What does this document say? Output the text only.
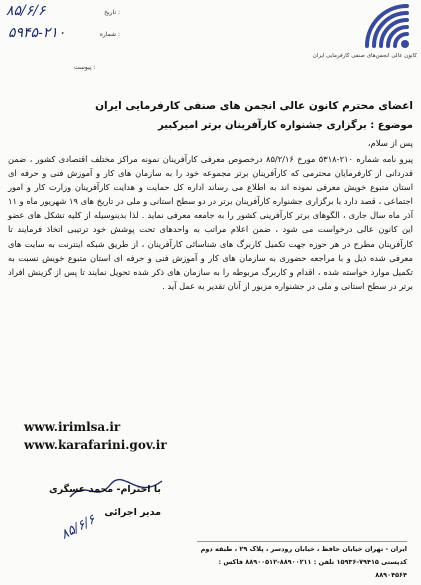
۸۵/۶/۶	تاریخ :
۵۹۴۵-۲۱۰	شماره :
پیوست :
کانون عالی انجمن‌های صنفی کارفرمایی ایران
اعضای محترم کانون عالی انجمن های صنفی کارفرمایی ایران
موضوع : برگزاری جشنواره کارآفرینان برتر امیرکبیر
پس از سلام،
پیرو نامه شماره ۲۱۰-۵۳۱۸ مورخ ۸۵/۲/۱۶ درخصوص معرفی کارآفرینان نمونه مراکز مختلف اقتصادی کشور ، ضمن قدردانی از کارفرمایان محترمی که کارآفرینان برتر مجموعه خود را به سازمان های کار و آموزش فنی و حرفه ای استان متبوع خویش معرفی نموده اند به اطلاع می رساند اداره کل حمایت و هدایت کارآفرینان وزارت کار و امور اجتماعی ، قصد دارد با برگزاری جشنواره کارآفرینان برتر در دو سطح استانی و ملی در تاریخ های ۱۹ شهریور ماه و ۱۱ آذر ماه سال جاری ، الگوهای برتر کارآفرینی کشور را به جامعه معرفی نماید . لذا بدینوسیله از کلیه تشکل های عضو این کانون عالی درخواست می شود ، ضمن اعلام مراتب به واحدهای تحت پوشش خود ترتیبی اتخاذ فرمایند تا کارآفرینان مطرح در هر حوزه جهت تکمیل کاربرگ های شناسائی کارآفرینان ، از طریق شبکه اینترنت به سایت های معرفی شده ذیل و با مراجعه حضوری به سازمان های کار و آموزش فنی و حرفه ای استان متبوع خویش نسبت به تکمیل موارد خواسته شده ، اقدام و کاربرگ مربوطه را به سازمان های ذکر شده تحویل نمایند تا پس از گزینش افراد برتر در سطح استانی و ملی در جشنواره مزبور از آنان تقدیر به عمل آید .
www.irimlsa.ir
www.karafarini.gov.ir
با احترام- محمد عسگری
مدیر اجرائی
۸۵/۶/۶
ایران - تهران خیابان حافظ ، خیابان رودسر ، پلاک ۲۹ ، طبقه دوم
کدپستی ۷۹۴۱۵-۱۵۹۳۶ تلفن : ۸۸۹۰۰۲۱۱-۸۸۹۰۰۵۱۲ فاکس : ۸۸۹۰۴۵۶۴
